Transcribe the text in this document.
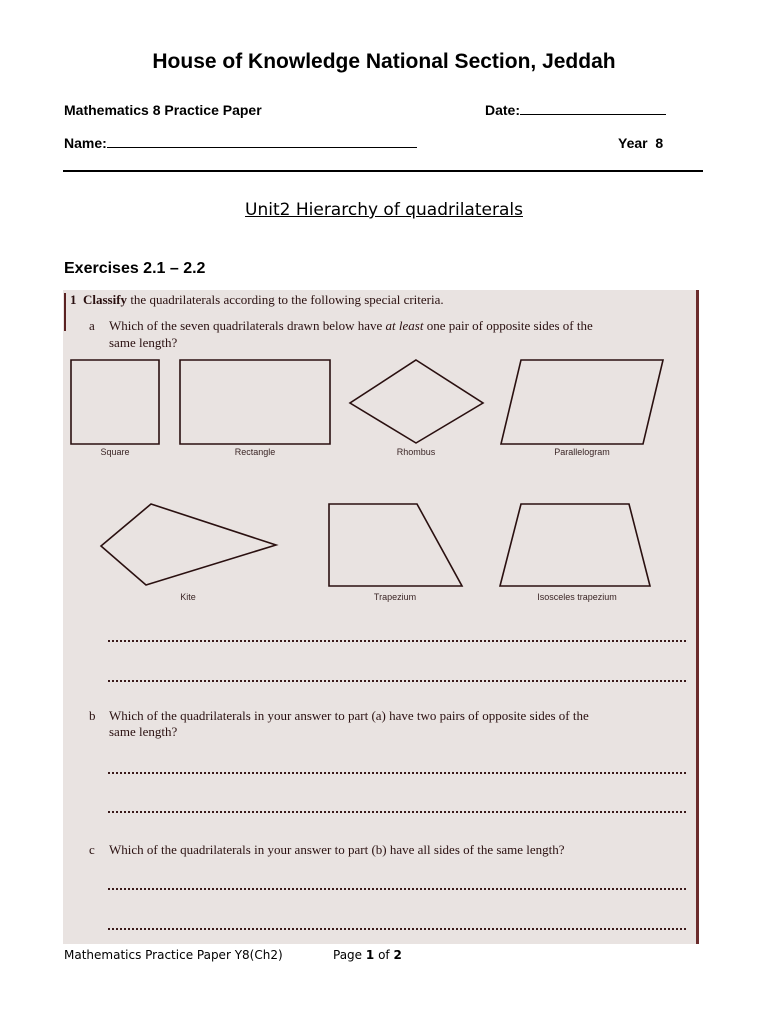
House of Knowledge National Section, Jeddah
Mathematics 8 Practice Paper	Date:
Name:	Year 8
Unit2 Hierarchy of quadrilaterals
Exercises 2.1 – 2.2
1 Classify the quadrilaterals according to the following special criteria.
a Which of the seven quadrilaterals drawn below have at least one pair of opposite sides of the
same length?
Square	Rectangle	Rhombus	Parallelogram
Kite	Trapezium	Isosceles trapezium
b Which of the quadrilaterals in your answer to part (a) have two pairs of opposite sides of the
same length?
c Which of the quadrilaterals in your answer to part (b) have all sides of the same length?
Mathematics Practice Paper Y8(Ch2)	Page 1 of 2
